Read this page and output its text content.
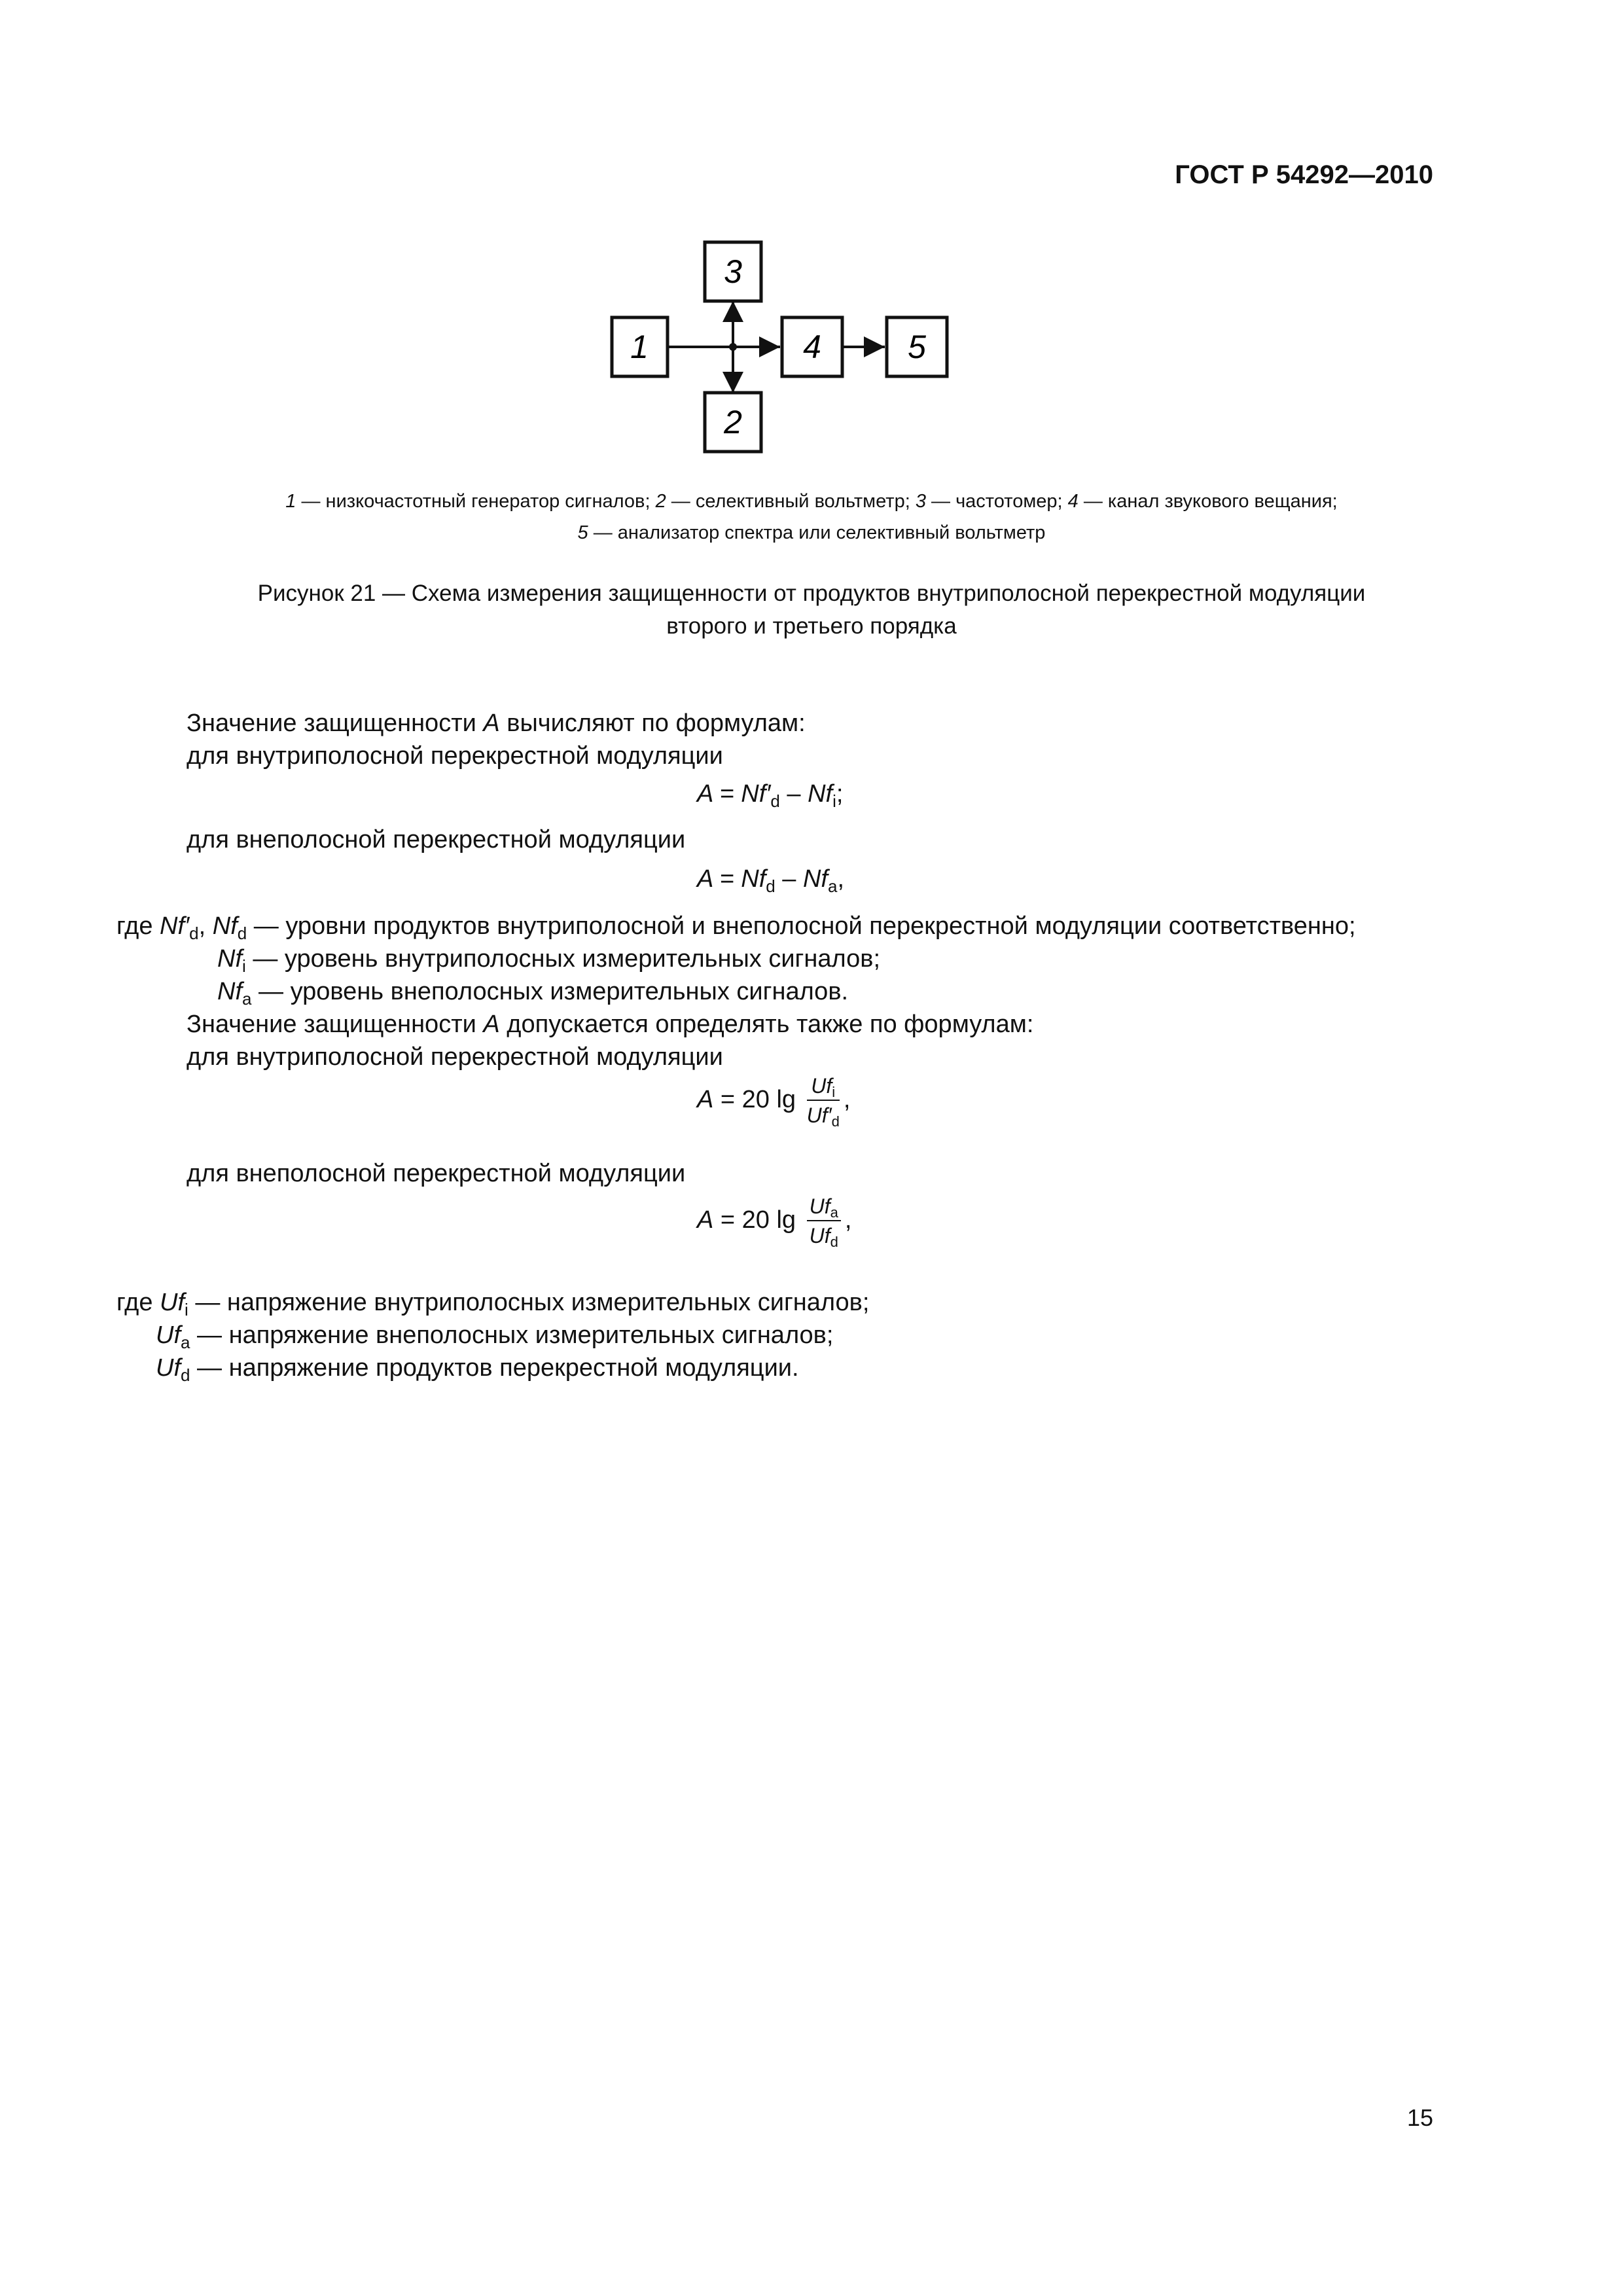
ГОСТ Р 54292—2010
1
3
2
4	5
1 — низкочастотный генератор сигналов; 2 — селективный вольтметр; 3 — частотомер; 4 — канал звукового вещания;
5 — анализатор спектра или селективный вольтметр
Рисунок 21 — Схема измерения защищенности от продуктов внутриполосной перекрестной модуляции
второго и третьего порядка
Значение защищенности A вычисляют по формулам:
для внутриполосной перекрестной модуляции
$A = Nf'_d - Nf_i$;
для внеполосной перекрестной модуляции
$A = Nf_d - Nf_a$,
где $Nf'_d$, $Nf_d$ — уровни продуктов внутриполосной и внеполосной перекрестной модуляции соответственно;
$Nf_i$ — уровень внутриполосных измерительных сигналов;
$Nf_a$ — уровень внеполосных измерительных сигналов.
Значение защищенности A допускается определять также по формулам:
для внутриполосной перекрестной модуляции
A = 20 $\lg \frac{Uf_i}{Uf'_d}$ ,
для внеполосной перекрестной модуляции
A = 20 $\lg \frac{Uf_a}{Uf_d}$ ,
где $Uf_i$ — напряжение внутриполосных измерительных сигналов;
$Uf_a$ — напряжение внеполосных измерительных сигналов;
$Uf_d$ — напряжение продуктов перекрестной модуляции.
15
